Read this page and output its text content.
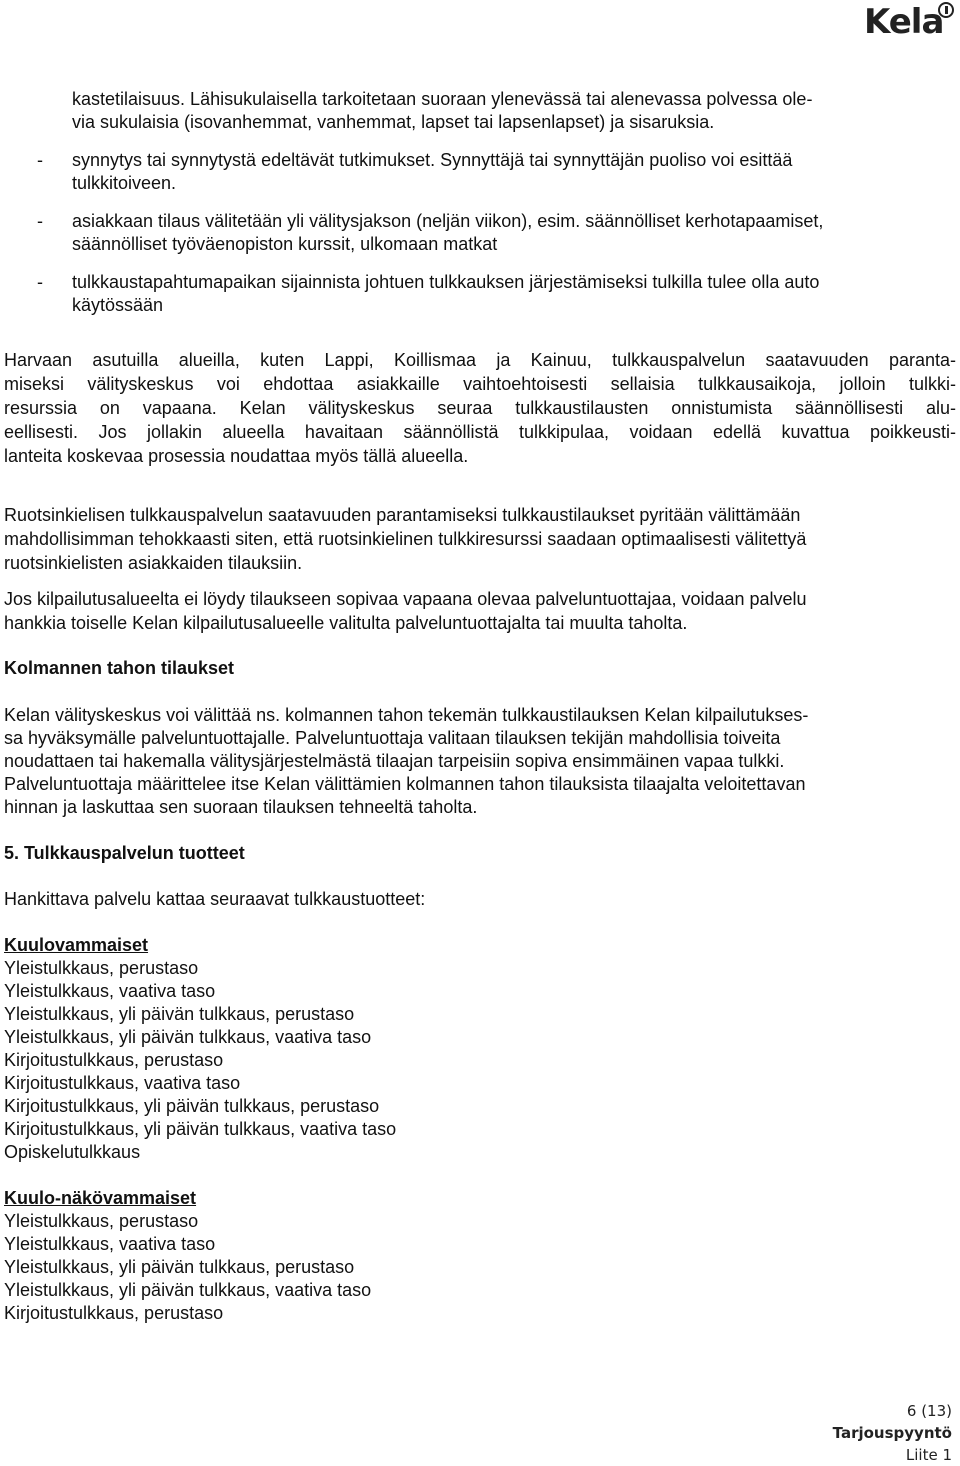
Kela
kastetilaisuus. Lähisukulaisella tarkoitetaan suoraan ylenevässä tai alenevassa polvessa ole-
via sukulaisia (isovanhemmat, vanhemmat, lapset tai lapsenlapset) ja sisaruksia.
- synnytys tai synnytystä edeltävät tutkimukset. Synnyttäjä tai synnyttäjän puoliso voi esittää
tulkkitoiveen.
- asiakkaan tilaus välitetään yli välitysjakson (neljän viikon), esim. säännölliset kerhotapaamiset,
säännölliset työväenopiston kurssit, ulkomaan matkat
- tulkkaustapahtumapaikan sijainnista johtuen tulkkauksen järjestämiseksi tulkilla tulee olla auto
käytössään
Harvaan asutuilla alueilla, kuten Lappi, Koillismaa ja Kainuu, tulkkauspalvelun saatavuuden paranta-
miseksi välityskeskus voi ehdottaa asiakkaille vaihtoehtoisesti sellaisia tulkkausaikoja, jolloin tulkki-
resurssia on vapaana. Kelan välityskeskus seuraa tulkkaustilausten onnistumista säännöllisesti alu-
eellisesti. Jos jollakin alueella havaitaan säännöllistä tulkkipulaa, voidaan edellä kuvattua poikkeusti-
lanteita koskevaa prosessia noudattaa myös tällä alueella.
Ruotsinkielisen tulkkauspalvelun saatavuuden parantamiseksi tulkkaustilaukset pyritään välittämään
mahdollisimman tehokkaasti siten, että ruotsinkielinen tulkkiresurssi saadaan optimaalisesti välitettyä
ruotsinkielisten asiakkaiden tilauksiin.
Jos kilpailutusalueelta ei löydy tilaukseen sopivaa vapaana olevaa palveluntuottajaa, voidaan palvelu
hankkia toiselle Kelan kilpailutusalueelle valitulta palveluntuottajalta tai muulta taholta.
Kolmannen tahon tilaukset
Kelan välityskeskus voi välittää ns. kolmannen tahon tekemän tulkkaustilauksen Kelan kilpailutukses-
sa hyväksymälle palveluntuottajalle. Palveluntuottaja valitaan tilauksen tekijän mahdollisia toiveita
noudattaen tai hakemalla välitysjärjestelmästä tilaajan tarpeisiin sopiva ensimmäinen vapaa tulkki.
Palveluntuottaja määrittelee itse Kelan välittämien kolmannen tahon tilauksista tilaajalta veloitettavan
hinnan ja laskuttaa sen suoraan tilauksen tehneeltä taholta.
5. Tulkkauspalvelun tuotteet
Hankittava palvelu kattaa seuraavat tulkkaustuotteet:
Kuulovammaiset
Yleistulkkaus, perustaso
Yleistulkkaus, vaativa taso
Yleistulkkaus, yli päivän tulkkaus, perustaso
Yleistulkkaus, yli päivän tulkkaus, vaativa taso
Kirjoitustulkkaus, perustaso
Kirjoitustulkkaus, vaativa taso
Kirjoitustulkkaus, yli päivän tulkkaus, perustaso
Kirjoitustulkkaus, yli päivän tulkkaus, vaativa taso
Opiskelutulkkaus
Kuulo-näkövammaiset
Yleistulkkaus, perustaso
Yleistulkkaus, vaativa taso
Yleistulkkaus, yli päivän tulkkaus, perustaso
Yleistulkkaus, yli päivän tulkkaus, vaativa taso
Kirjoitustulkkaus, perustaso
6 (13)
Tarjouspyyntö
Liite 1
